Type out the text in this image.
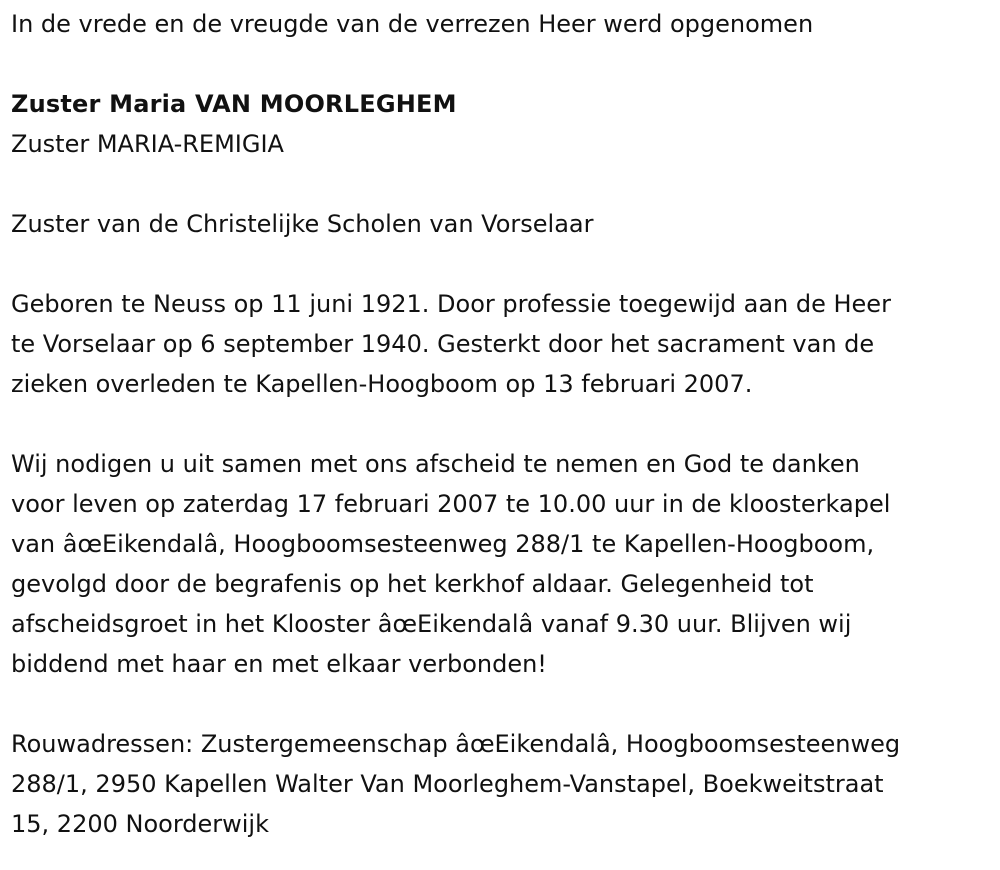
In de vrede en de vreugde van de verrezen Heer werd opgenomen

Zuster Maria VAN MOORLEGHEM

Zuster MARIA-REMIGIA

Zuster van de Christelijke Scholen van Vorselaar

Geboren te Neuss op 11 juni 1921. Door professie toegewijd aan de Heer

te Vorselaar op 6 september 1940. Gesterkt door het sacrament van de

zieken overleden te Kapellen-Hoogboom op 13 februari 2007.

Wij nodigen u uit samen met ons afscheid te nemen en God te danken

voor leven op zaterdag 17 februari 2007 te 10.00 uur in de kloosterkapel

van âœEikendalâ, Hoogboomsesteenweg 288/1 te Kapellen-Hoogboom,

gevolgd door de begrafenis op het kerkhof aldaar. Gelegenheid tot

afscheidsgroet in het Klooster âœEikendalâ vanaf 9.30 uur. Blijven wij

biddend met haar en met elkaar verbonden!

Rouwadressen: Zustergemeenschap âœEikendalâ, Hoogboomsesteenweg

288/1, 2950 Kapellen Walter Van Moorleghem-Vanstapel, Boekweitstraat

15, 2200 Noorderwijk
